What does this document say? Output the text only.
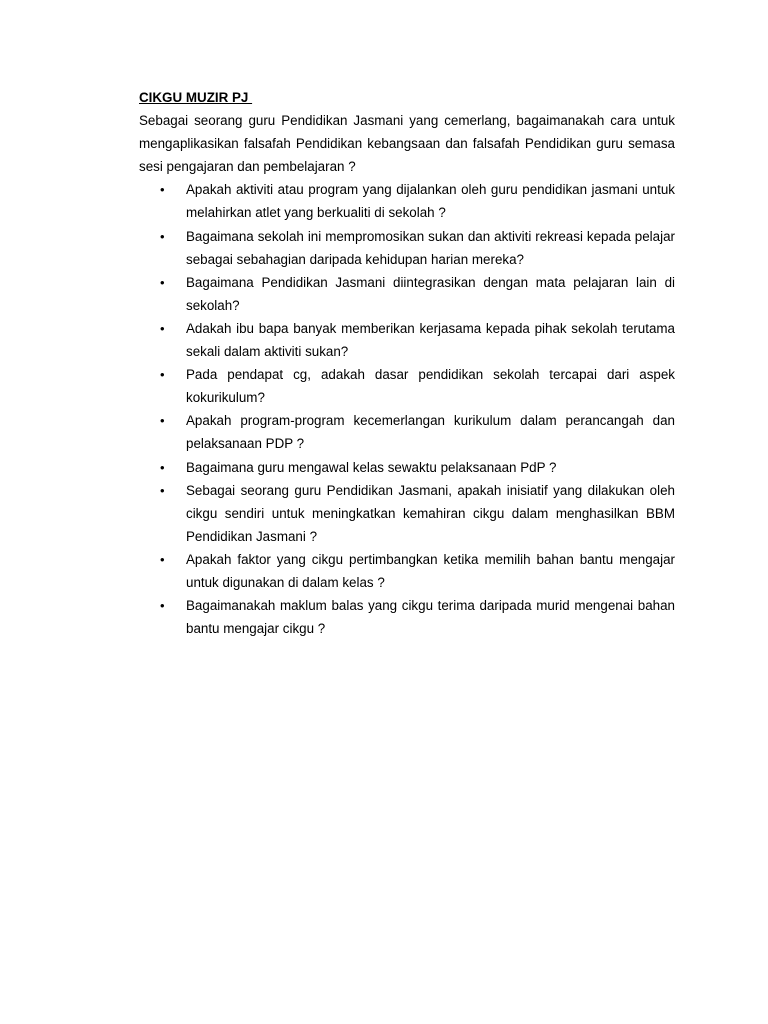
CIKGU MUZIR PJ

Sebagai seorang guru Pendidikan Jasmani yang cemerlang, bagaimanakah cara untuk mengaplikasikan falsafah Pendidikan kebangsaan dan falsafah Pendidikan guru semasa sesi pengajaran dan pembelajaran ?

• Apakah aktiviti atau program yang dijalankan oleh guru pendidikan jasmani untuk melahirkan atlet yang berkualiti di sekolah ?
• Bagaimana sekolah ini mempromosikan sukan dan aktiviti rekreasi kepada pelajar sebagai sebahagian daripada kehidupan harian mereka?
• Bagaimana Pendidikan Jasmani diintegrasikan dengan mata pelajaran lain di sekolah?
• Adakah ibu bapa banyak memberikan kerjasama kepada pihak sekolah terutama sekali dalam aktiviti sukan?
• Pada pendapat cg, adakah dasar pendidikan sekolah tercapai dari aspek kokurikulum?
• Apakah program-program kecemerlangan kurikulum dalam perancangah dan pelaksanaan PDP ?
• Bagaimana guru mengawal kelas sewaktu pelaksanaan PdP ?
• Sebagai seorang guru Pendidikan Jasmani, apakah inisiatif yang dilakukan oleh cikgu sendiri untuk meningkatkan kemahiran cikgu dalam menghasilkan BBM Pendidikan Jasmani ?
• Apakah faktor yang cikgu pertimbangkan ketika memilih bahan bantu mengajar untuk digunakan di dalam kelas ?
• Bagaimanakah maklum balas yang cikgu terima daripada murid mengenai bahan bantu mengajar cikgu ?
